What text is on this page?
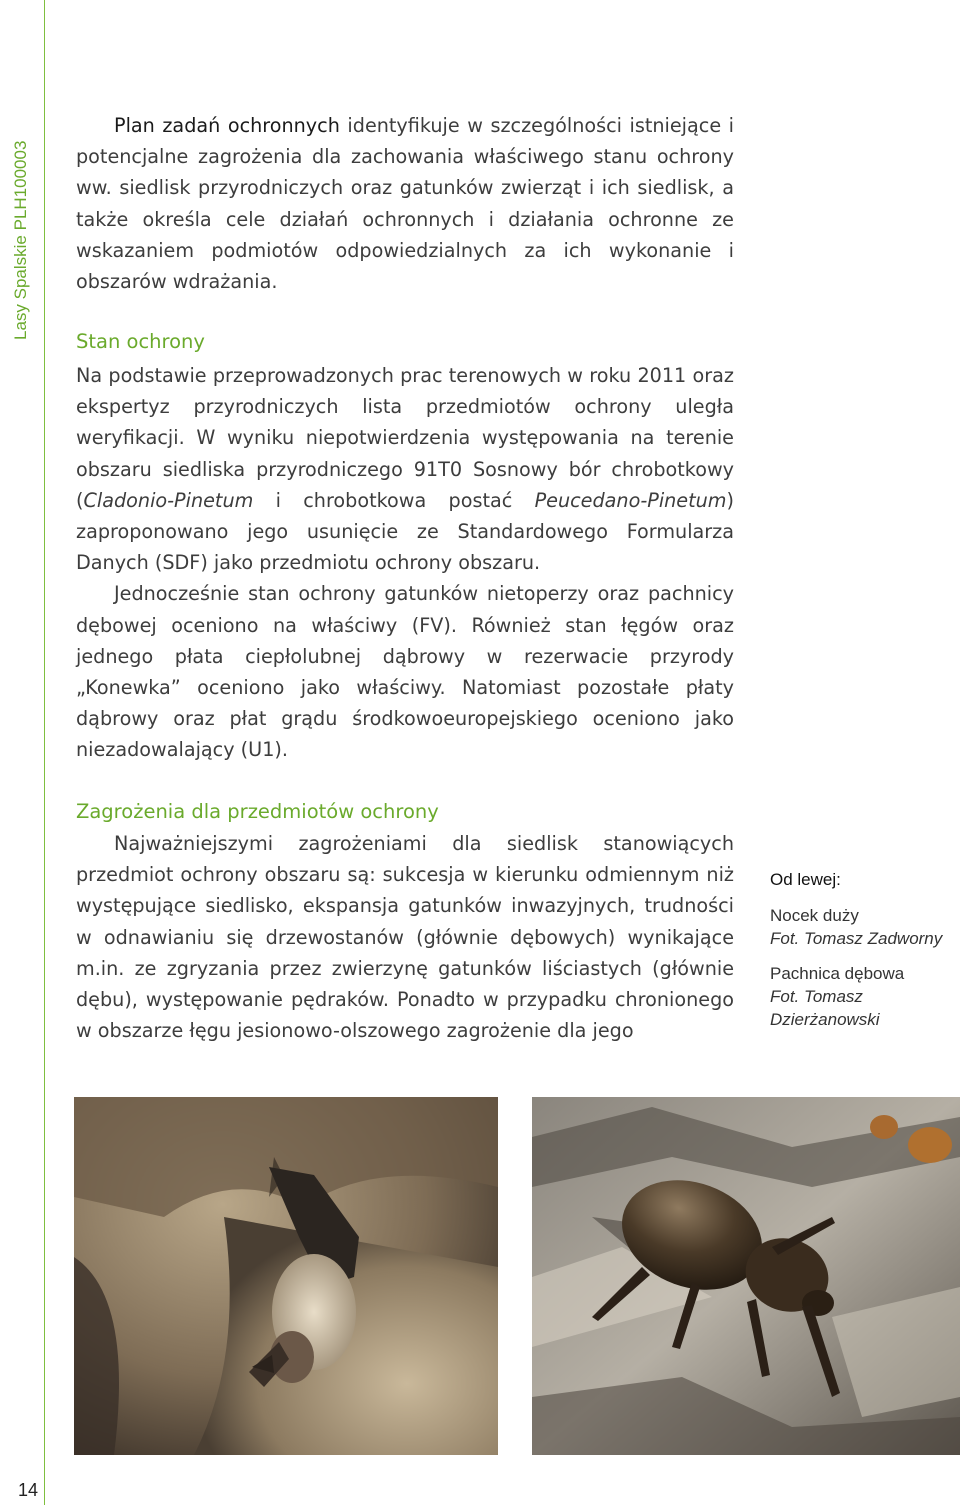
Lasy Spalskie PLH100003

Plan zadań ochronnych identyfikuje w szczególności istniejące i potencjalne zagrożenia dla zachowania właściwego stanu ochrony ww. siedlisk przyrodniczych oraz gatunków zwierząt i ich siedlisk, a także określa cele działań ochronnych i działania ochronne ze wskazaniem podmiotów odpowiedzialnych za ich wykonanie i obszarów wdrażania.

Stan ochrony

Na podstawie przeprowadzonych prac terenowych w roku 2011 oraz ekspertyz przyrodniczych lista przedmiotów ochrony uległa weryfikacji. W wyniku niepotwierdzenia występowania na terenie obszaru siedliska przyrodniczego 91T0 Sosnowy bór chrobotkowy (Cladonio-Pinetum i chrobotkowa postać Peucedano-Pinetum) zaproponowano jego usunięcie ze Standardowego Formularza Danych (SDF) jako przedmiotu ochrony obszaru.

Jednocześnie stan ochrony gatunków nietoperzy oraz pachnicy dębowej oceniono na właściwy (FV). Również stan łęgów oraz jednego płata ciepłolubnej dąbrowy w rezerwacie przyrody „Konewka” oceniono jako właściwy. Natomiast pozostałe płaty dąbrowy oraz płat grądu środkowoeuropejskiego oceniono jako niezadowalający (U1).

Zagrożenia dla przedmiotów ochrony

Najważniejszymi zagrożeniami dla siedlisk stanowiących przedmiot ochrony obszaru są: sukcesja w kierunku odmiennym niż występujące siedlisko, ekspansja gatunków inwazyjnych, trudności w odnawianiu się drzewostanów (głównie dębowych) wynikające m.in. ze zgryzania przez zwierzynę gatunków liściastych (głównie dębu), występowanie pędraków. Ponadto w przypadku chronionego w obszarze łęgu jesionowo-olszowego zagrożenie dla jego

Od lewej:
Nocek duży
Fot. Tomasz Zadworny
Pachnica dębowa
Fot. Tomasz Dzierżanowski
14
